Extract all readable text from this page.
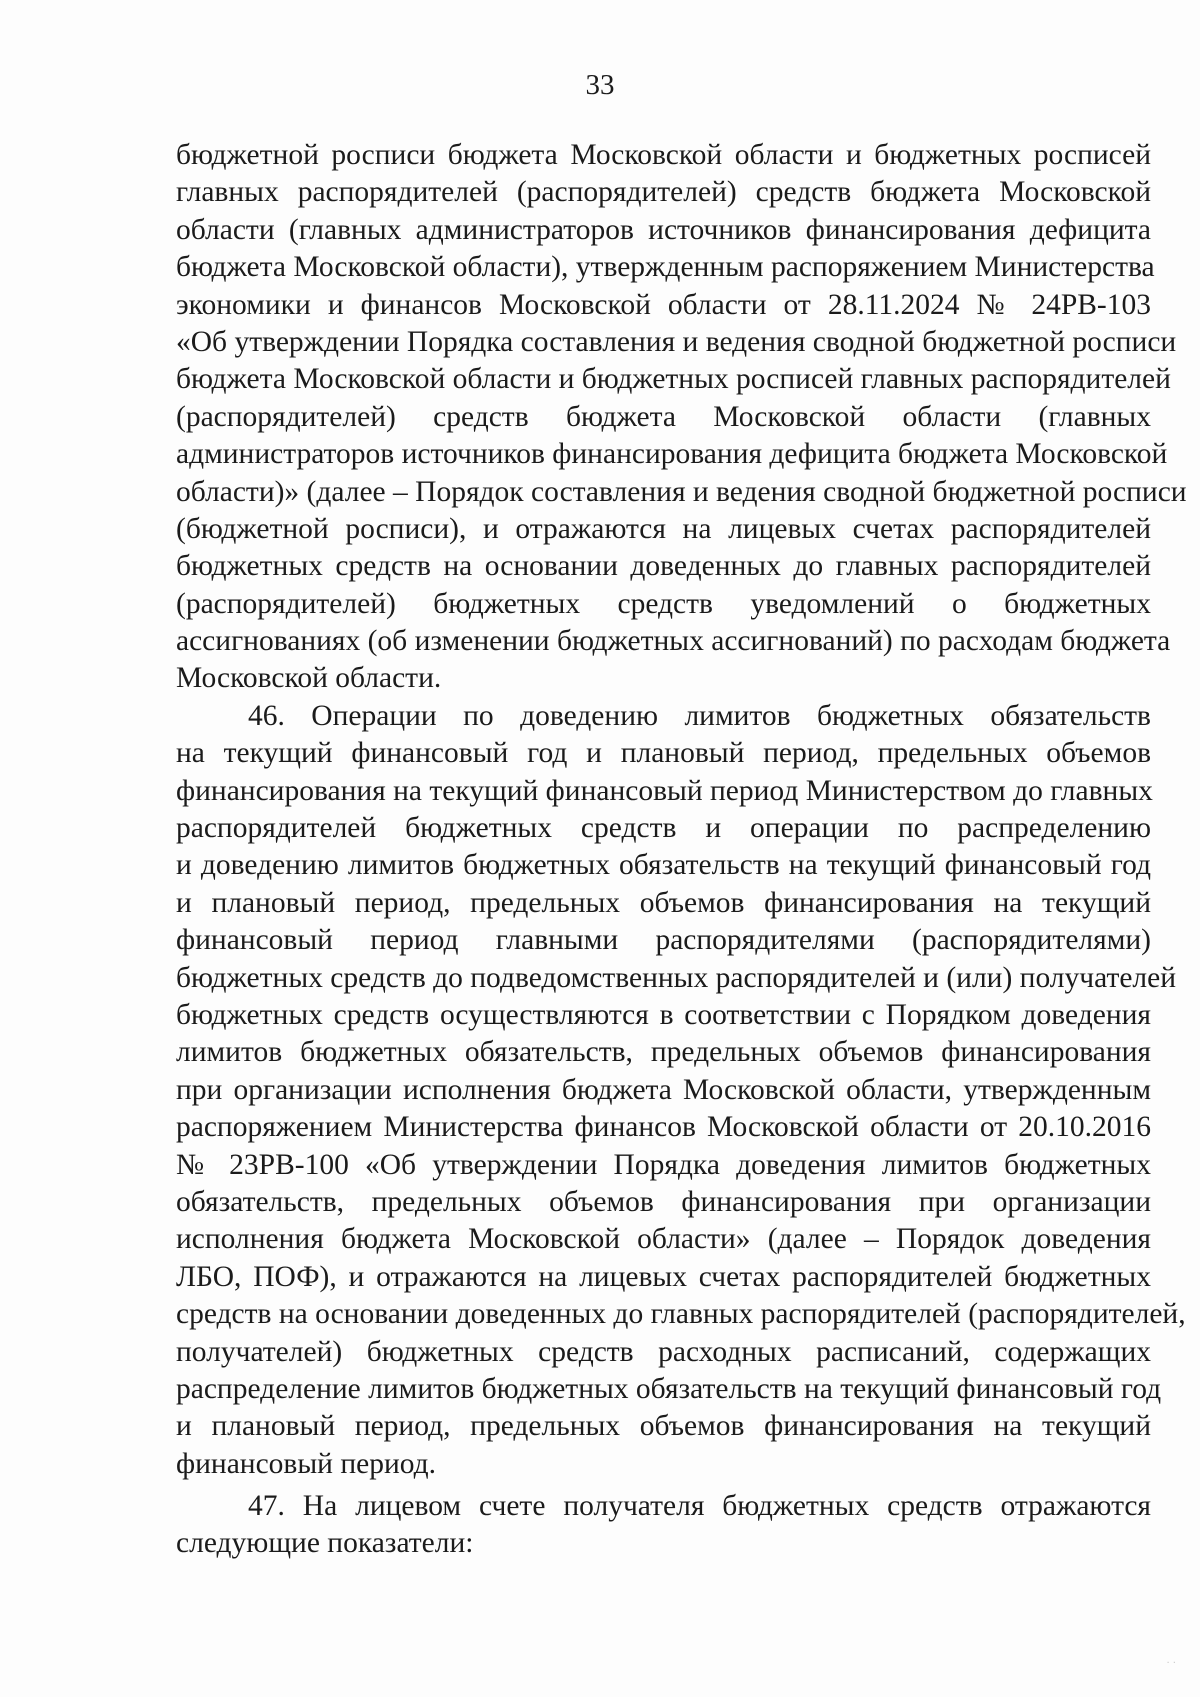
33
бюджетной росписи бюджета Московской области и бюджетных росписей
главных распорядителей (распорядителей) средств бюджета Московской
области (главных администраторов источников финансирования дефицита
бюджета Московской области), утвержденным распоряжением Министерства
экономики и финансов Московской области от 28.11.2024 № 24РВ-103
«Об утверждении Порядка составления и ведения сводной бюджетной росписи
бюджета Московской области и бюджетных росписей главных распорядителей
(распорядителей) средств бюджета Московской области (главных
администраторов источников финансирования дефицита бюджета Московской
области)» (далее – Порядок составления и ведения сводной бюджетной росписи
(бюджетной росписи), и отражаются на лицевых счетах распорядителей
бюджетных средств на основании доведенных до главных распорядителей
(распорядителей) бюджетных средств уведомлений о бюджетных
ассигнованиях (об изменении бюджетных ассигнований) по расходам бюджета
Московской области.
46. Операции по доведению лимитов бюджетных обязательств
на текущий финансовый год и плановый период, предельных объемов
финансирования на текущий финансовый период Министерством до главных
распорядителей бюджетных средств и операции по распределению
и доведению лимитов бюджетных обязательств на текущий финансовый год
и плановый период, предельных объемов финансирования на текущий
финансовый период главными распорядителями (распорядителями)
бюджетных средств до подведомственных распорядителей и (или) получателей
бюджетных средств осуществляются в соответствии с Порядком доведения
лимитов бюджетных обязательств, предельных объемов финансирования
при организации исполнения бюджета Московской области, утвержденным
распоряжением Министерства финансов Московской области от 20.10.2016
№ 23РВ-100 «Об утверждении Порядка доведения лимитов бюджетных
обязательств, предельных объемов финансирования при организации
исполнения бюджета Московской области» (далее – Порядок доведения
ЛБО, ПОФ), и отражаются на лицевых счетах распорядителей бюджетных
средств на основании доведенных до главных распорядителей (распорядителей,
получателей) бюджетных средств расходных расписаний, содержащих
распределение лимитов бюджетных обязательств на текущий финансовый год
и плановый период, предельных объемов финансирования на текущий
финансовый период.
47. На лицевом счете получателя бюджетных средств отражаются
следующие показатели:
· ·
